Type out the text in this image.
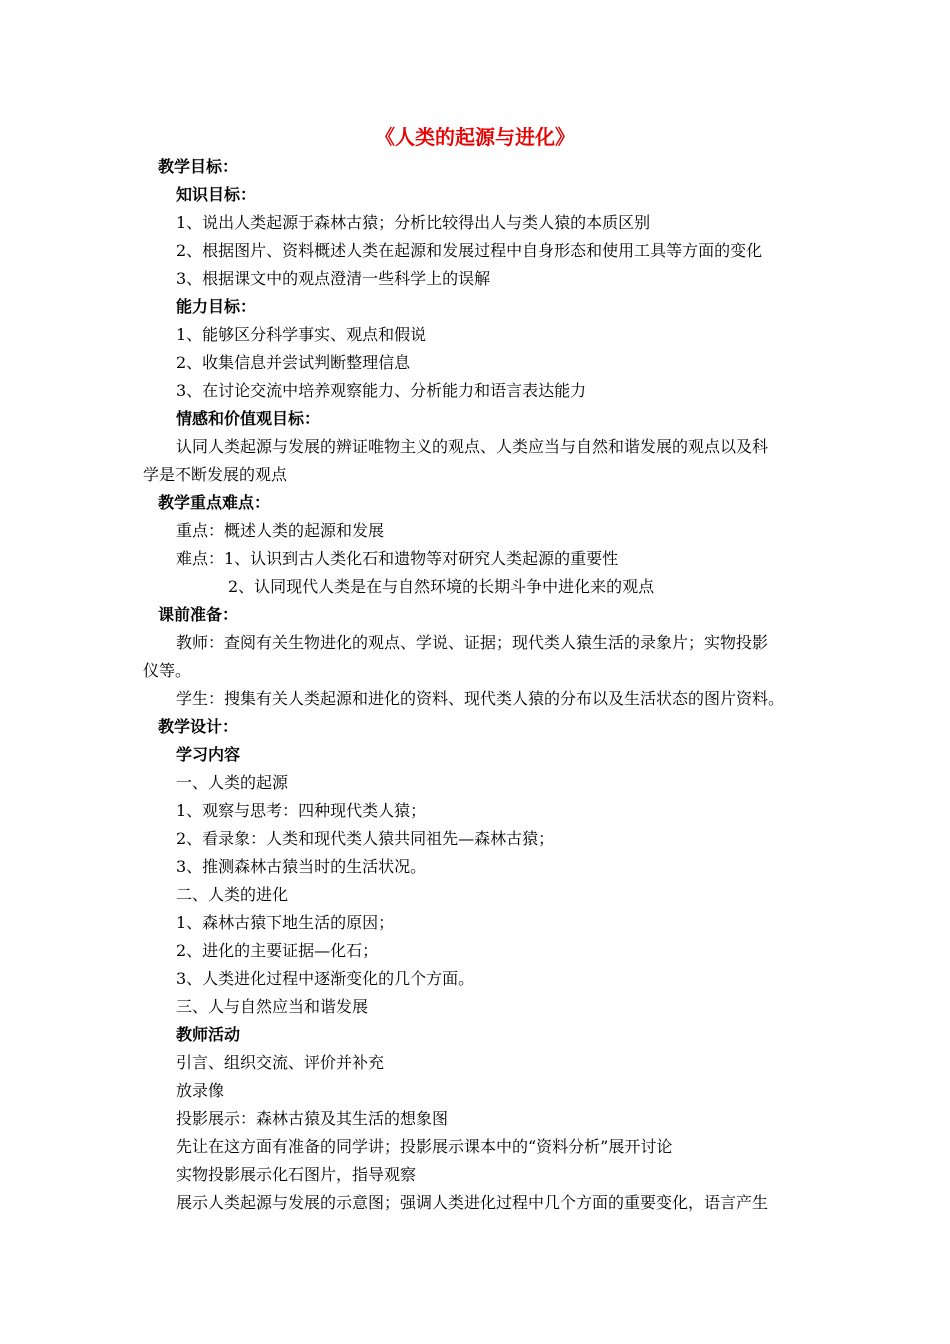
《人类的起源与进化》
教学目标：
知识目标：
1、说出人类起源于森林古猿；分析比较得出人与类人猿的本质区别
2、根据图片、资料概述人类在起源和发展过程中自身形态和使用工具等方面的变化
3、根据课文中的观点澄清一些科学上的误解
能力目标：
1、能够区分科学事实、观点和假说
2、收集信息并尝试判断整理信息
3、在讨论交流中培养观察能力、分析能力和语言表达能力
情感和价值观目标：
认同人类起源与发展的辨证唯物主义的观点、人类应当与自然和谐发展的观点以及科
学是不断发展的观点
教学重点难点：
重点：概述人类的起源和发展
难点：1、认识到古人类化石和遗物等对研究人类起源的重要性
2、认同现代人类是在与自然环境的长期斗争中进化来的观点
课前准备：
教师：查阅有关生物进化的观点、学说、证据；现代类人猿生活的录象片；实物投影
仪等。
学生：搜集有关人类起源和进化的资料、现代类人猿的分布以及生活状态的图片资料。
教学设计：
学习内容
一、人类的起源
1、观察与思考：四种现代类人猿；
2、看录象：人类和现代类人猿共同祖先—森林古猿；
3、推测森林古猿当时的生活状况。
二、人类的进化
1、森林古猿下地生活的原因；
2、进化的主要证据—化石；
3、人类进化过程中逐渐变化的几个方面。
三、人与自然应当和谐发展
教师活动
引言、组织交流、评价并补充
放录像
投影展示：森林古猿及其生活的想象图
先让在这方面有准备的同学讲；投影展示课本中的“资料分析”展开讨论
实物投影展示化石图片，指导观察
展示人类起源与发展的示意图；强调人类进化过程中几个方面的重要变化，语言产生
